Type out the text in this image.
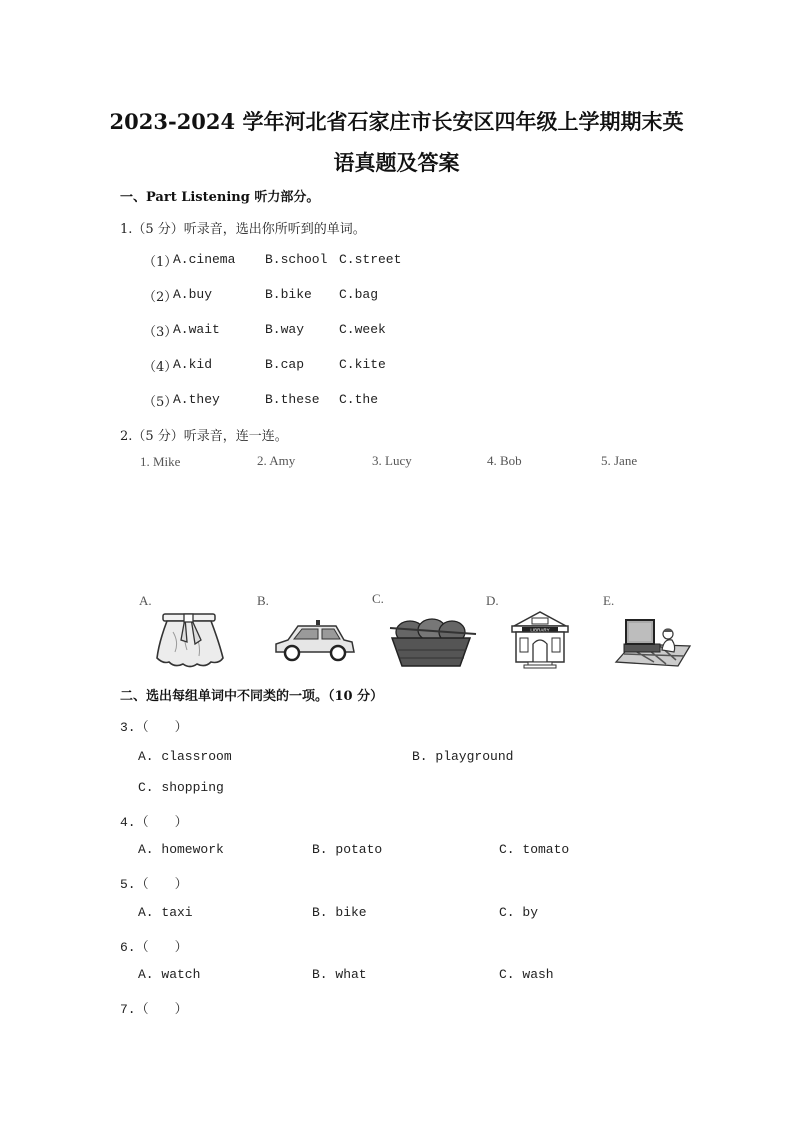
2023-2024 学年河北省石家庄市长安区四年级上学期期末英
语真题及答案
一、Part Listening 听力部分。
1.（5 分）听录音，选出你所听到的单词。
（1）
A.cinema B.school C.street
（2）
A.buy	B.bike C.bag
（3）
A.wait	B.way	C.week
（4）
A.kid	B.cap	C.kite
（5）
A.they	B.these C.the
2.（5 分）听录音，连一连。
1. Mike	2. Amy	3. Lucy	4. Bob	5. Jane
A.	B.	C.	D.	E.
LIBRARY
二、选出每组单词中不同类的一项。（10 分）
3.（　　）
A. classroom	B. playground
C. shopping
4.（　　）
A. homework	B. potato	C. tomato
5.（　　）
A. taxi	B. bike	C. by
6.（　　）
A. watch	B. what	C. wash
7.（　　）
